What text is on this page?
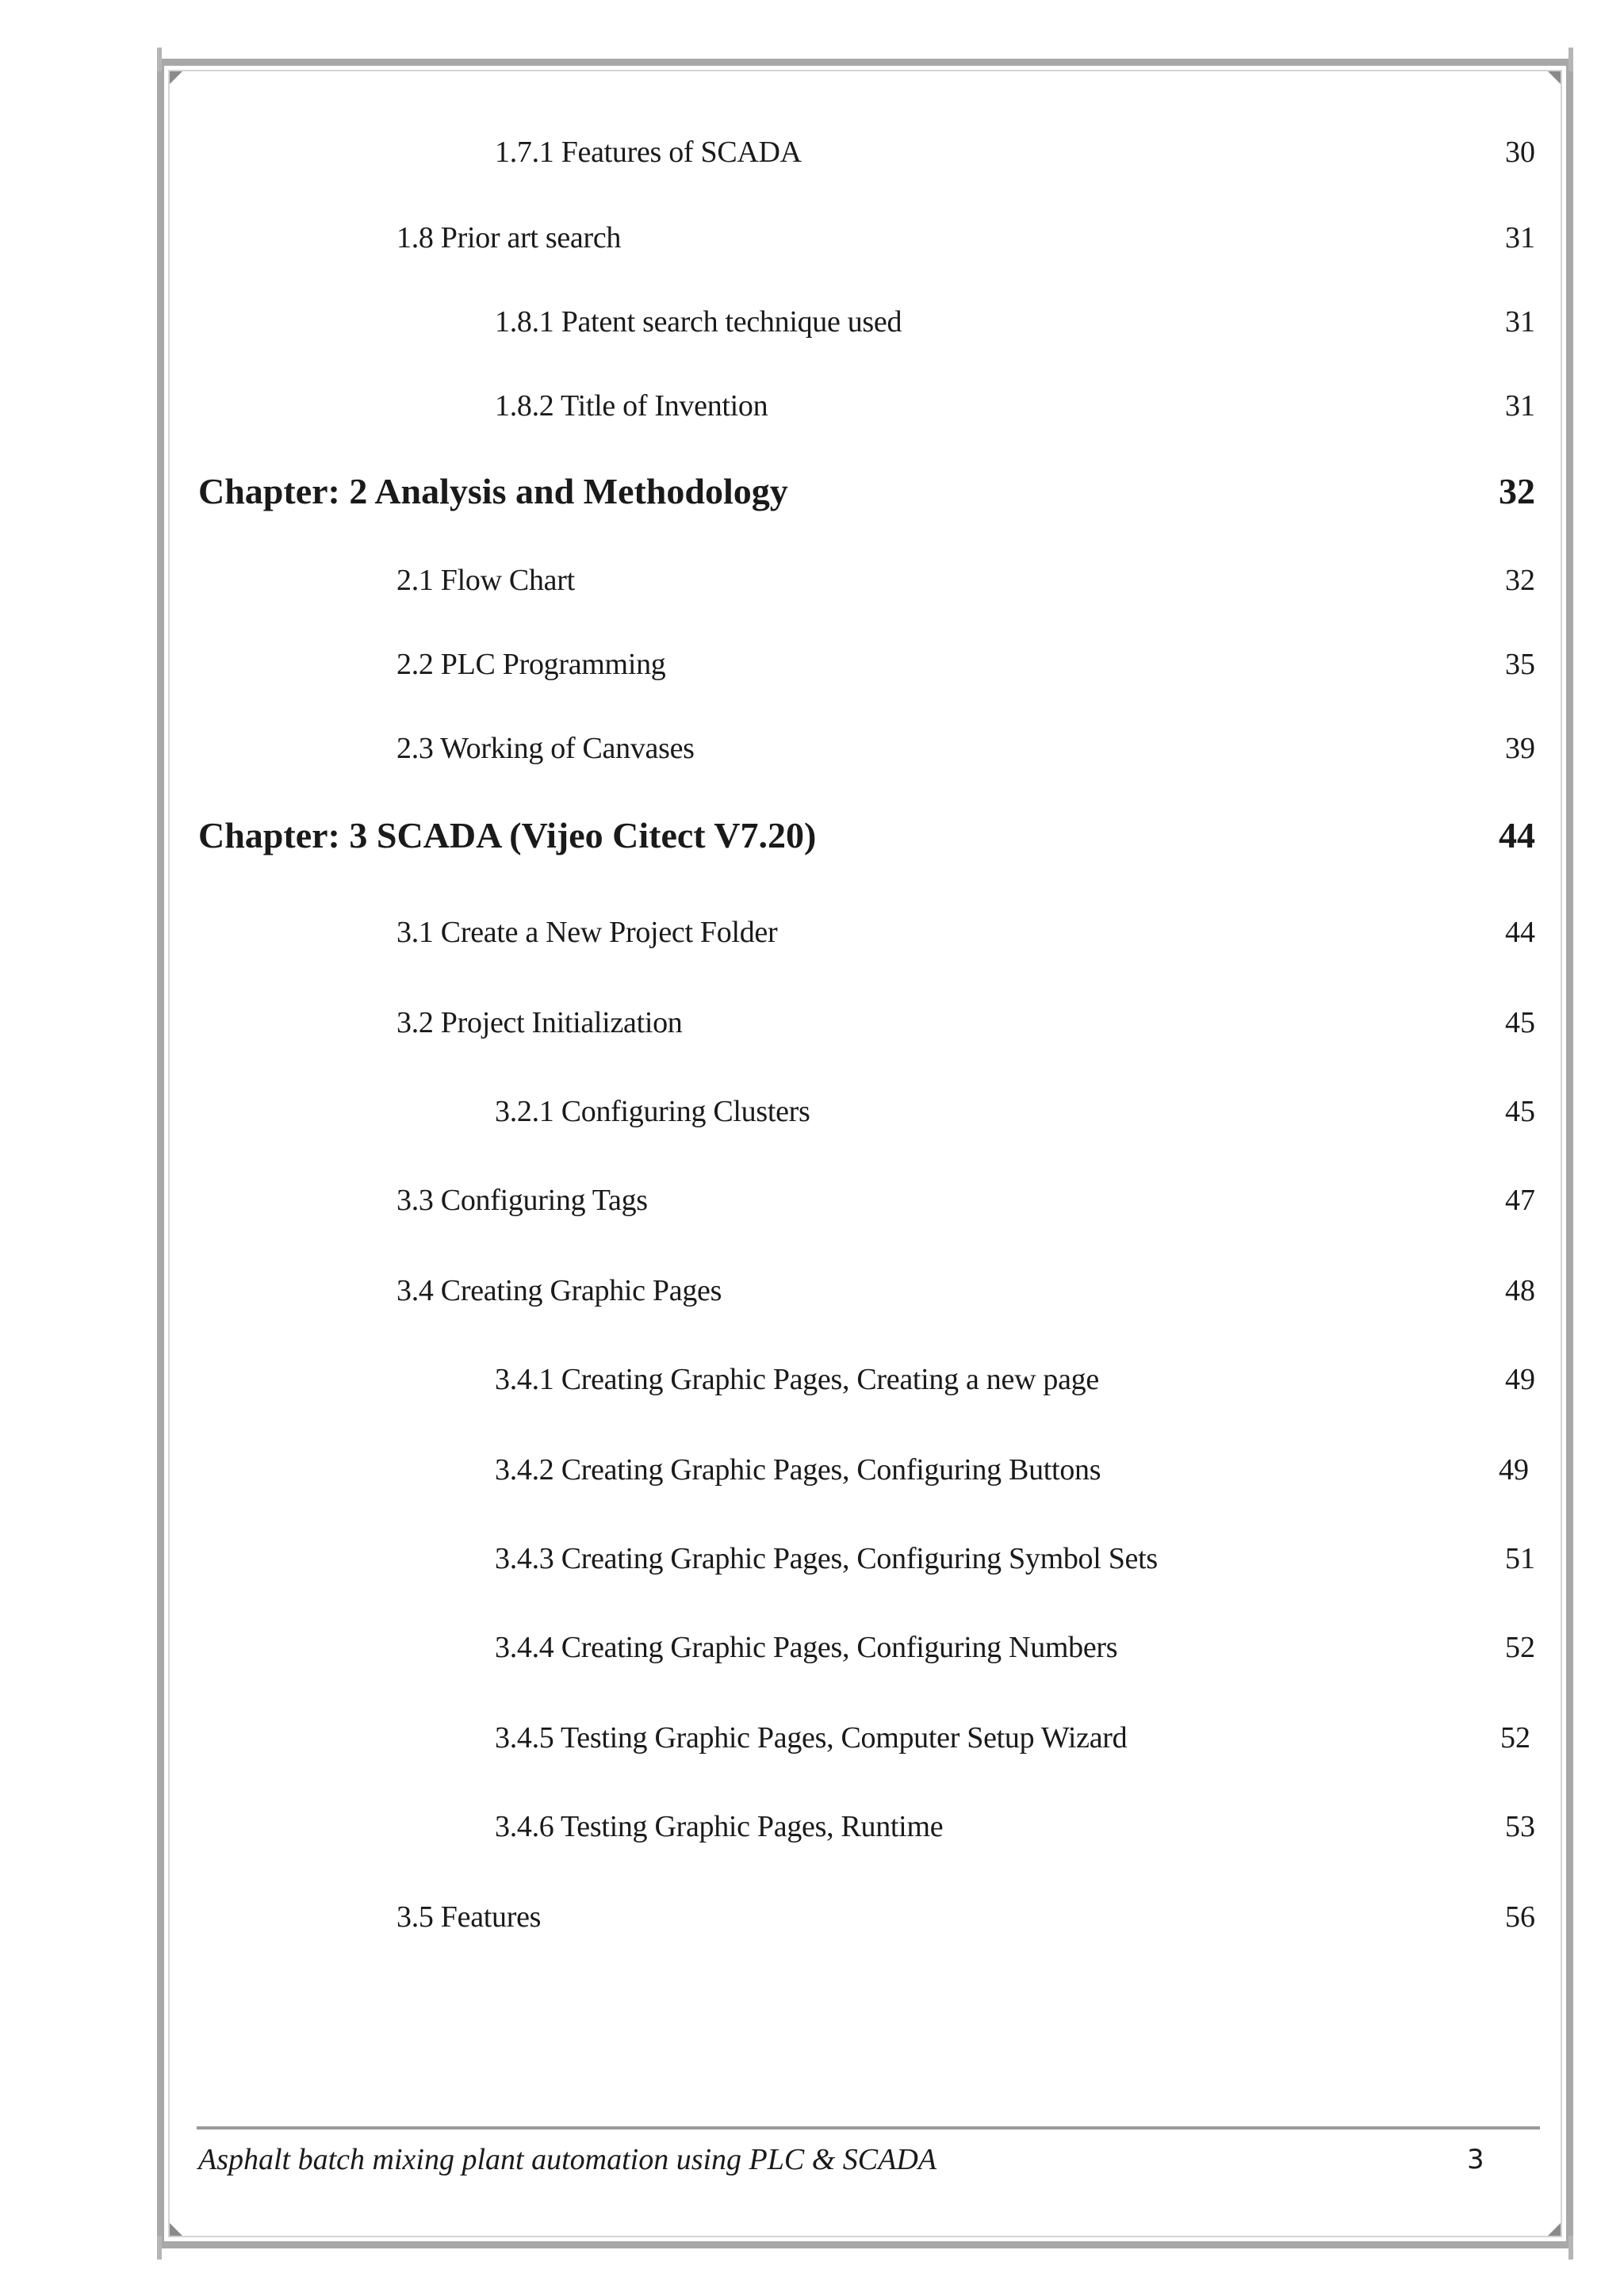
1.7.1 Features of SCADA	30
1.8 Prior art search	31
1.8.1 Patent search technique used	31
1.8.2 Title of Invention	31
Chapter: 2 Analysis and Methodology	32
2.1 Flow Chart	32
2.2 PLC Programming	35
2.3 Working of Canvases	39
Chapter: 3 SCADA (Vijeo Citect V7.20)	44
3.1 Create a New Project Folder	44
3.2 Project Initialization	45
3.2.1 Configuring Clusters	45
3.3 Configuring Tags	47
3.4 Creating Graphic Pages	48
3.4.1 Creating Graphic Pages, Creating a new page	49
3.4.2 Creating Graphic Pages, Configuring Buttons	49
3.4.3 Creating Graphic Pages, Configuring Symbol Sets	51
3.4.4 Creating Graphic Pages, Configuring Numbers	52
3.4.5 Testing Graphic Pages, Computer Setup Wizard	52
3.4.6 Testing Graphic Pages, Runtime	53
3.5 Features	56
Asphalt batch mixing plant automation using PLC & SCADA	3
